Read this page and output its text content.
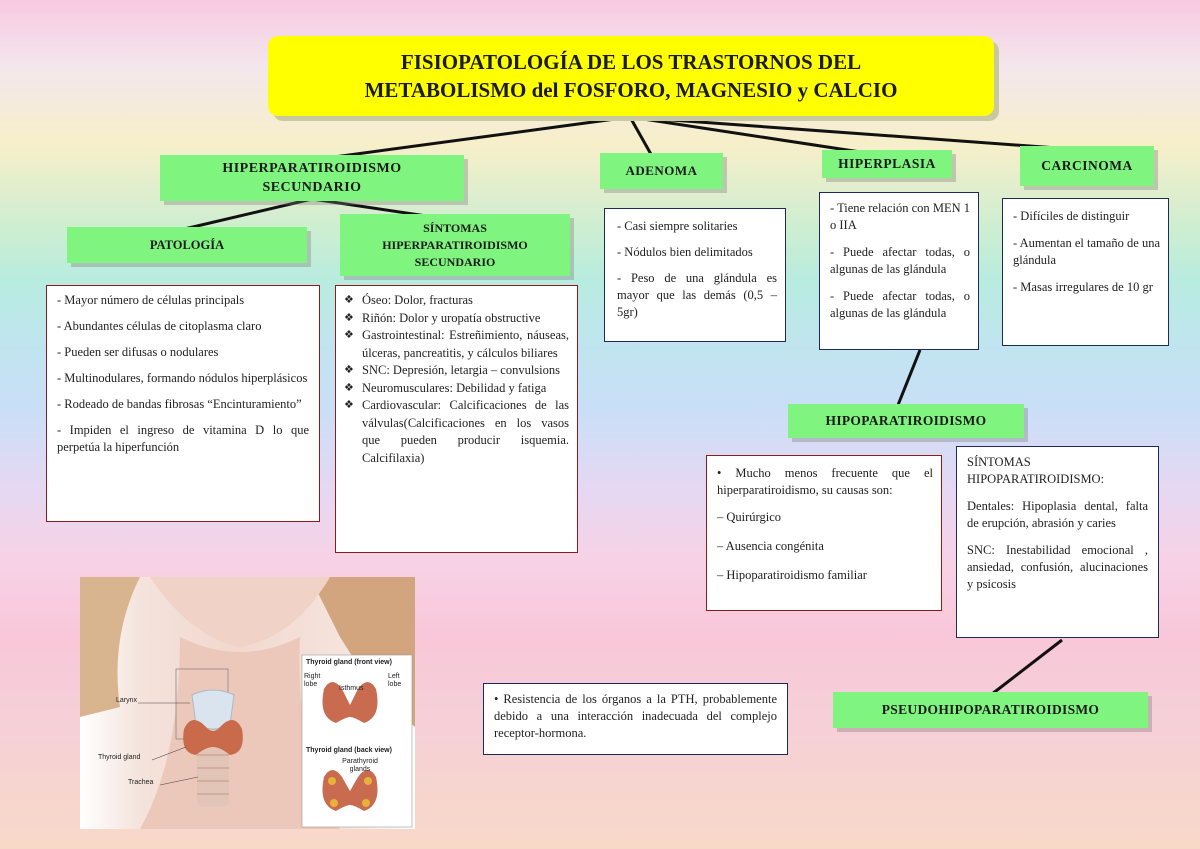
FISIOPATOLOGÍA DE LOS TRASTORNOS DEL
METABOLISMO del FOSFORO, MAGNESIO y CALCIO
HIPERPARATIROIDISMO
SECUNDARIO
PATOLOGÍA
SÍNTOMAS
HIPERPARATIROIDISMO
SECUNDARIO

- Mayor número de células principals

- Abundantes células de citoplasma claro

- Pueden ser difusas o nodulares

- Multinodulares, formando nódulos hiperplásicos

- Rodeado de bandas fibrosas “Encinturamiento”

- Impiden el ingreso de vitamina D lo que perpetúa la hiperfunción

❖ Óseo: Dolor, fracturas
❖ Riñón: Dolor y uropatía obstructive
❖ Gastrointestinal: Estreñimiento, náuseas, úlceras, pancreatitis, y cálculos biliares
❖ SNC: Depresión, letargia – convulsions
❖ Neuromusculares: Debilidad y fatiga
❖ Cardiovascular: Calcificaciones de las válvulas(Calcificaciones en los vasos que pueden producir isquemia. Calcifilaxia)
ADENOMA

- Casi siempre solitaries

- Nódulos bien delimitados

- Peso de una glándula es mayor que las demás (0,5 – 5gr)

HIPERPLASIA

- Tiene relación con MEN 1 o IIA

- Puede afectar todas, o algunas de las glándula

- Puede afectar todas, o algunas de las glándula

CARCINOMA

- Difíciles de distinguir

- Aumentan el tamaño de una glándula

- Masas irregulares de 10 gr

HIPOPARATIROIDISMO

• Mucho menos frecuente que el hiperparatiroidismo, su causas son:

– Quirúrgico

– Ausencia congénita

– Hipoparatiroidismo familiar

SÍNTOMAS HIPOPARATIROIDISMO:

Dentales: Hipoplasia dental, falta de erupción, abrasión y caries

SNC: Inestabilidad emocional , ansiedad, confusión, alucinaciones y psicosis

PSEUDOHIPOPARATIROIDISMO

• Resistencia de los órganos a la PTH, probablemente debido a una interacción inadecuada del complejo receptor-hormona.

Larynx
Thyroid gland
Trachea
Thyroid gland (front view)
Right lobe
Left lobe
Isthmus
Thyroid gland (back view)
Parathyroid glands
